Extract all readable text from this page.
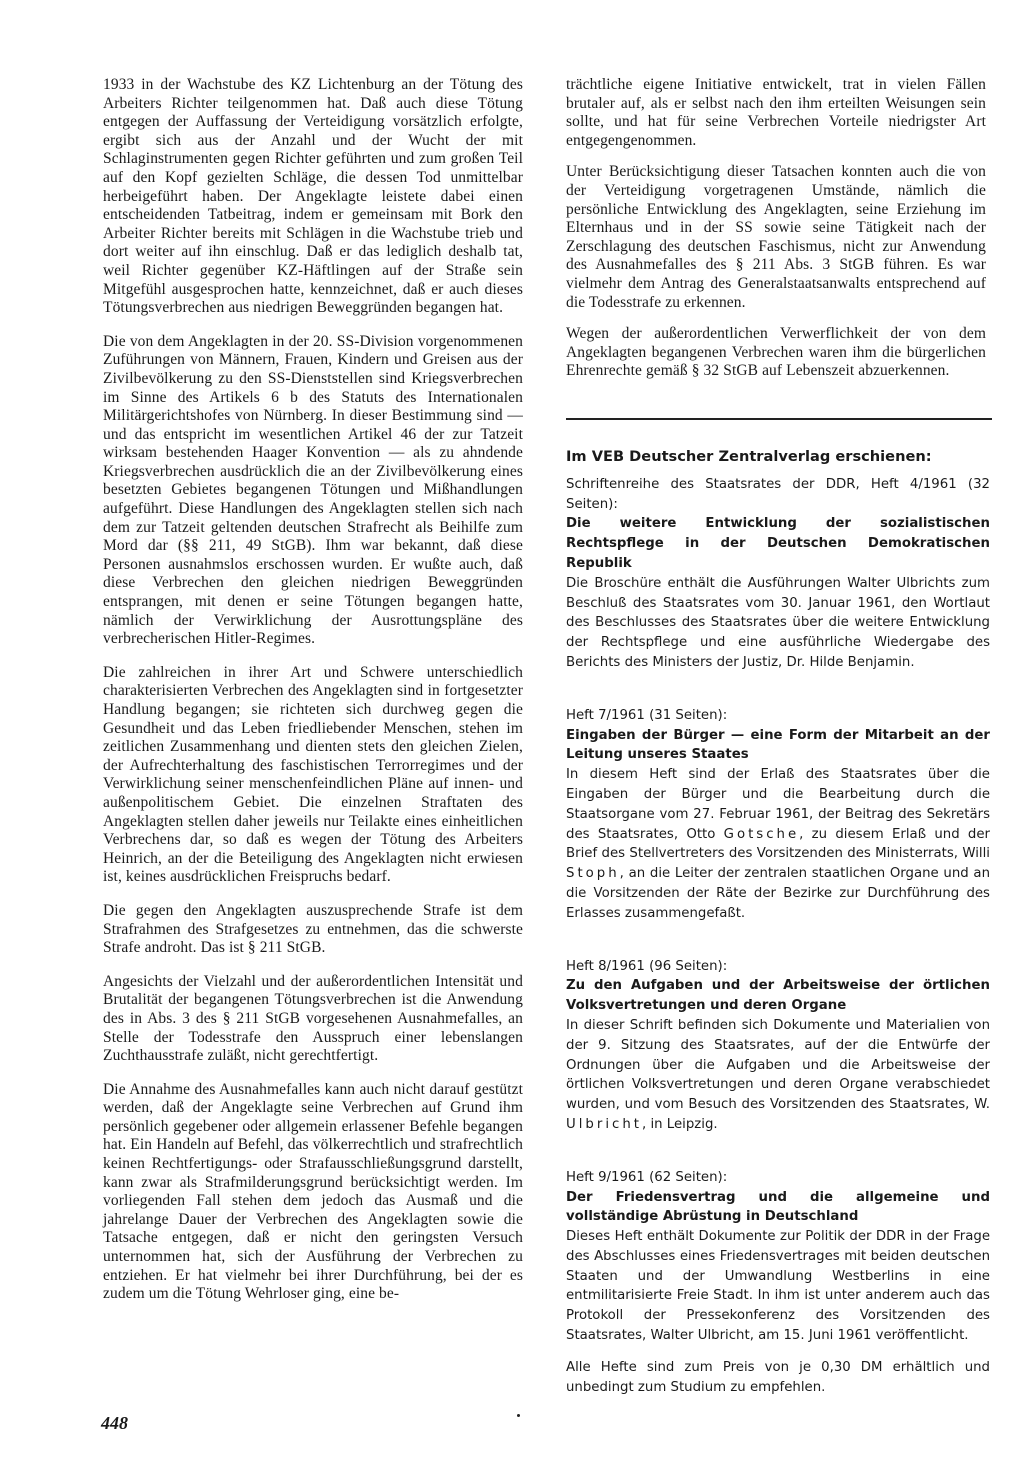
1933 in der Wachstube des KZ Lichtenburg an der Tötung des Arbeiters Richter teilgenommen hat. Daß auch diese Tötung entgegen der Auffassung der Verteidigung vorsätzlich erfolgte, ergibt sich aus der Anzahl und der Wucht der mit Schlaginstrumenten gegen Richter geführten und zum großen Teil auf den Kopf gezielten Schläge, die dessen Tod unmittelbar herbeigeführt haben. Der Angeklagte leistete dabei einen entscheidenden Tatbeitrag, indem er gemeinsam mit Bork den Arbeiter Richter bereits mit Schlägen in die Wachstube trieb und dort weiter auf ihn einschlug. Daß er das lediglich deshalb tat, weil Richter gegenüber KZ-Häftlingen auf der Straße sein Mitgefühl ausgesprochen hatte, kennzeichnet, daß er auch dieses Tötungsverbrechen aus niedrigen Beweggründen begangen hat.

Die von dem Angeklagten in der 20. SS-Division vorgenommenen Zuführungen von Männern, Frauen, Kindern und Greisen aus der Zivilbevölkerung zu den SS-Dienststellen sind Kriegsverbrechen im Sinne des Artikels 6 b des Statuts des Internationalen Militärgerichtshofes von Nürnberg. In dieser Bestimmung sind — und das entspricht im wesentlichen Artikel 46 der zur Tatzeit wirksam bestehenden Haager Konvention — als zu ahndende Kriegsverbrechen ausdrücklich die an der Zivilbevölkerung eines besetzten Gebietes begangenen Tötungen und Mißhandlungen aufgeführt. Diese Handlungen des Angeklagten stellen sich nach dem zur Tatzeit geltenden deutschen Strafrecht als Beihilfe zum Mord dar (§§ 211, 49 StGB). Ihm war bekannt, daß diese Personen ausnahmslos erschossen wurden. Er wußte auch, daß diese Verbrechen den gleichen niedrigen Beweggründen entsprangen, mit denen er seine Tötungen begangen hatte, nämlich der Verwirklichung der Ausrottungspläne des verbrecherischen Hitler-Regimes.

Die zahlreichen in ihrer Art und Schwere unterschiedlich charakterisierten Verbrechen des Angeklagten sind in fortgesetzter Handlung begangen; sie richteten sich durchweg gegen die Gesundheit und das Leben friedliebender Menschen, stehen im zeitlichen Zusammenhang und dienten stets den gleichen Zielen, der Aufrechterhaltung des faschistischen Terrorregimes und der Verwirklichung seiner menschenfeindlichen Pläne auf innen- und außenpolitischem Gebiet. Die einzelnen Straftaten des Angeklagten stellen daher jeweils nur Teilakte eines einheitlichen Verbrechens dar, so daß es wegen der Tötung des Arbeiters Heinrich, an der die Beteiligung des Angeklagten nicht erwiesen ist, keines ausdrücklichen Freispruchs bedarf.

Die gegen den Angeklagten auszusprechende Strafe ist dem Strafrahmen des Strafgesetzes zu entnehmen, das die schwerste Strafe androht. Das ist § 211 StGB.

Angesichts der Vielzahl und der außerordentlichen Intensität und Brutalität der begangenen Tötungsverbrechen ist die Anwendung des in Abs. 3 des § 211 StGB vorgesehenen Ausnahmefalles, an Stelle der Todesstrafe den Ausspruch einer lebenslangen Zuchthausstrafe zuläßt, nicht gerechtfertigt.

Die Annahme des Ausnahmefalles kann auch nicht darauf gestützt werden, daß der Angeklagte seine Verbrechen auf Grund ihm persönlich gegebener oder allgemein erlassener Befehle begangen hat. Ein Handeln auf Befehl, das völkerrechtlich und strafrechtlich keinen Rechtfertigungs- oder Strafausschließungsgrund darstellt, kann zwar als Strafmilderungsgrund berücksichtigt werden. Im vorliegenden Fall stehen dem jedoch das Ausmaß und die jahrelange Dauer der Verbrechen des Angeklagten sowie die Tatsache entgegen, daß er nicht den geringsten Versuch unternommen hat, sich der Ausführung der Verbrechen zu entziehen. Er hat vielmehr bei ihrer Durchführung, bei der es zudem um die Tötung Wehrloser ging, eine be-

trächtliche eigene Initiative entwickelt, trat in vielen Fällen brutaler auf, als er selbst nach den ihm erteilten Weisungen sein sollte, und hat für seine Verbrechen Vorteile niedrigster Art entgegengenommen.

Unter Berücksichtigung dieser Tatsachen konnten auch die von der Verteidigung vorgetragenen Umstände, nämlich die persönliche Entwicklung des Angeklagten, seine Erziehung im Elternhaus und in der SS sowie seine Tätigkeit nach der Zerschlagung des deutschen Faschismus, nicht zur Anwendung des Ausnahmefalles des § 211 Abs. 3 StGB führen. Es war vielmehr dem Antrag des Generalstaatsanwalts entsprechend auf die Todesstrafe zu erkennen.

Wegen der außerordentlichen Verwerflichkeit der von dem Angeklagten begangenen Verbrechen waren ihm die bürgerlichen Ehrenrechte gemäß § 32 StGB auf Lebenszeit abzuerkennen.

Im VEB Deutscher Zentralverlag erschienen:

Schriftenreihe des Staatsrates der DDR, Heft 4/1961 (32 Seiten):

Die weitere Entwicklung der sozialistischen Rechtspflege in der Deutschen Demokratischen Republik

Die Broschüre enthält die Ausführungen Walter Ulbrichts zum Beschluß des Staatsrates vom 30. Januar 1961, den Wortlaut des Beschlusses des Staatsrates über die weitere Entwicklung der Rechtspflege und eine ausführliche Wiedergabe des Berichts des Ministers der Justiz, Dr. Hilde Benjamin.

Heft 7/1961 (31 Seiten):

Eingaben der Bürger — eine Form der Mitarbeit an der Leitung unseres Staates

In diesem Heft sind der Erlaß des Staatsrates über die Eingaben der Bürger und die Bearbeitung durch die Staatsorgane vom 27. Februar 1961, der Beitrag des Sekretärs des Staatsrates, Otto Gotsche, zu diesem Erlaß und der Brief des Stellvertreters des Vorsitzenden des Ministerrats, Willi Stoph, an die Leiter der zentralen staatlichen Organe und an die Vorsitzenden der Räte der Bezirke zur Durchführung des Erlasses zusammengefaßt.

Heft 8/1961 (96 Seiten):

Zu den Aufgaben und der Arbeitsweise der örtlichen Volksvertretungen und deren Organe

In dieser Schrift befinden sich Dokumente und Materialien von der 9. Sitzung des Staatsrates, auf der die Entwürfe der Ordnungen über die Aufgaben und die Arbeitsweise der örtlichen Volksvertretungen und deren Organe verabschiedet wurden, und vom Besuch des Vorsitzenden des Staatsrates, W. Ulbricht, in Leipzig.

Heft 9/1961 (62 Seiten):

Der Friedensvertrag und die allgemeine und vollständige Abrüstung in Deutschland

Dieses Heft enthält Dokumente zur Politik der DDR in der Frage des Abschlusses eines Friedensvertrages mit beiden deutschen Staaten und der Umwandlung Westberlins in eine entmilitarisierte Freie Stadt. In ihm ist unter anderem auch das Protokoll der Pressekonferenz des Vorsitzenden des Staatsrates, Walter Ulbricht, am 15. Juni 1961 veröffentlicht.

Alle Hefte sind zum Preis von je 0,30 DM erhältlich und unbedingt zum Studium zu empfehlen.

448
